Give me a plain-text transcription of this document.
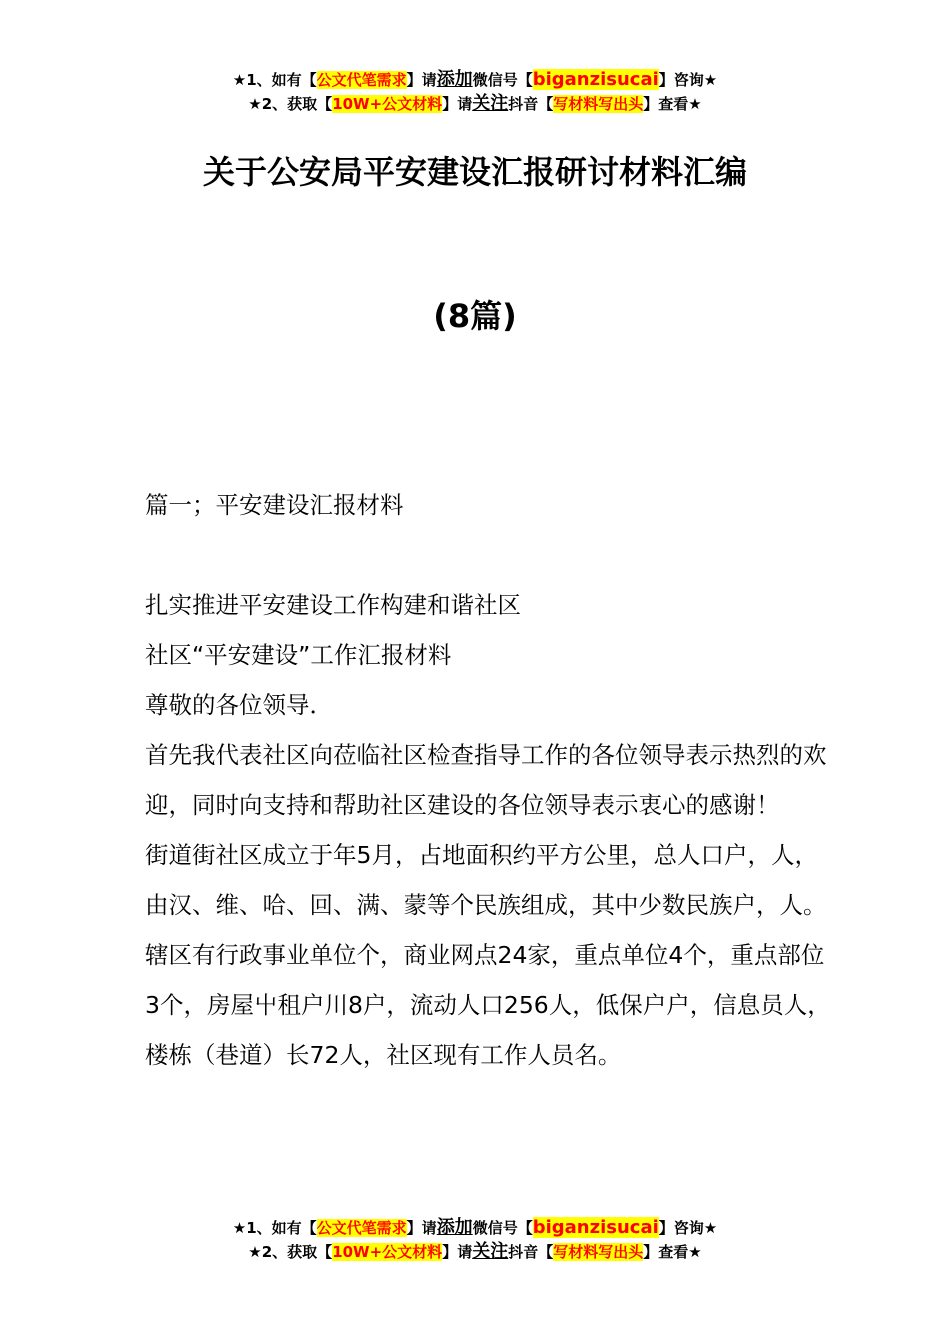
★1、如有【公文代笔需求】请添加微信号【biganzisucai】咨询★
★2、获取【10W+公文材料】请关注抖音【写材料写出头】查看★
关于公安局平安建设汇报研讨材料汇编
(8篇)
篇一；平安建设汇报材料

扎实推进平安建设工作构建和谐社区

社区“平安建设”工作汇报材料

尊敬的各位领导．

首先我代表社区向莅临社区检查指导工作的各位领导表示热烈的欢迎，同时向支持和帮助社区建设的各位领导表示衷心的感谢！

街道街社区成立于年5月，占地面积约平方公里，总人口户，人，由汉、维、哈、回、满、蒙等个民族组成，其中少数民族户，人。辖区有行政事业单位个，商业网点24家，重点单位4个，重点部位3个，房屋屮租户川8户，流动人口256人，低保户户，信息员人，楼栋（巷道）长72人，社区现有工作人员名。

★1、如有【公文代笔需求】请添加微信号【biganzisucai】咨询★
★2、获取【10W+公文材料】请关注抖音【写材料写出头】查看★
